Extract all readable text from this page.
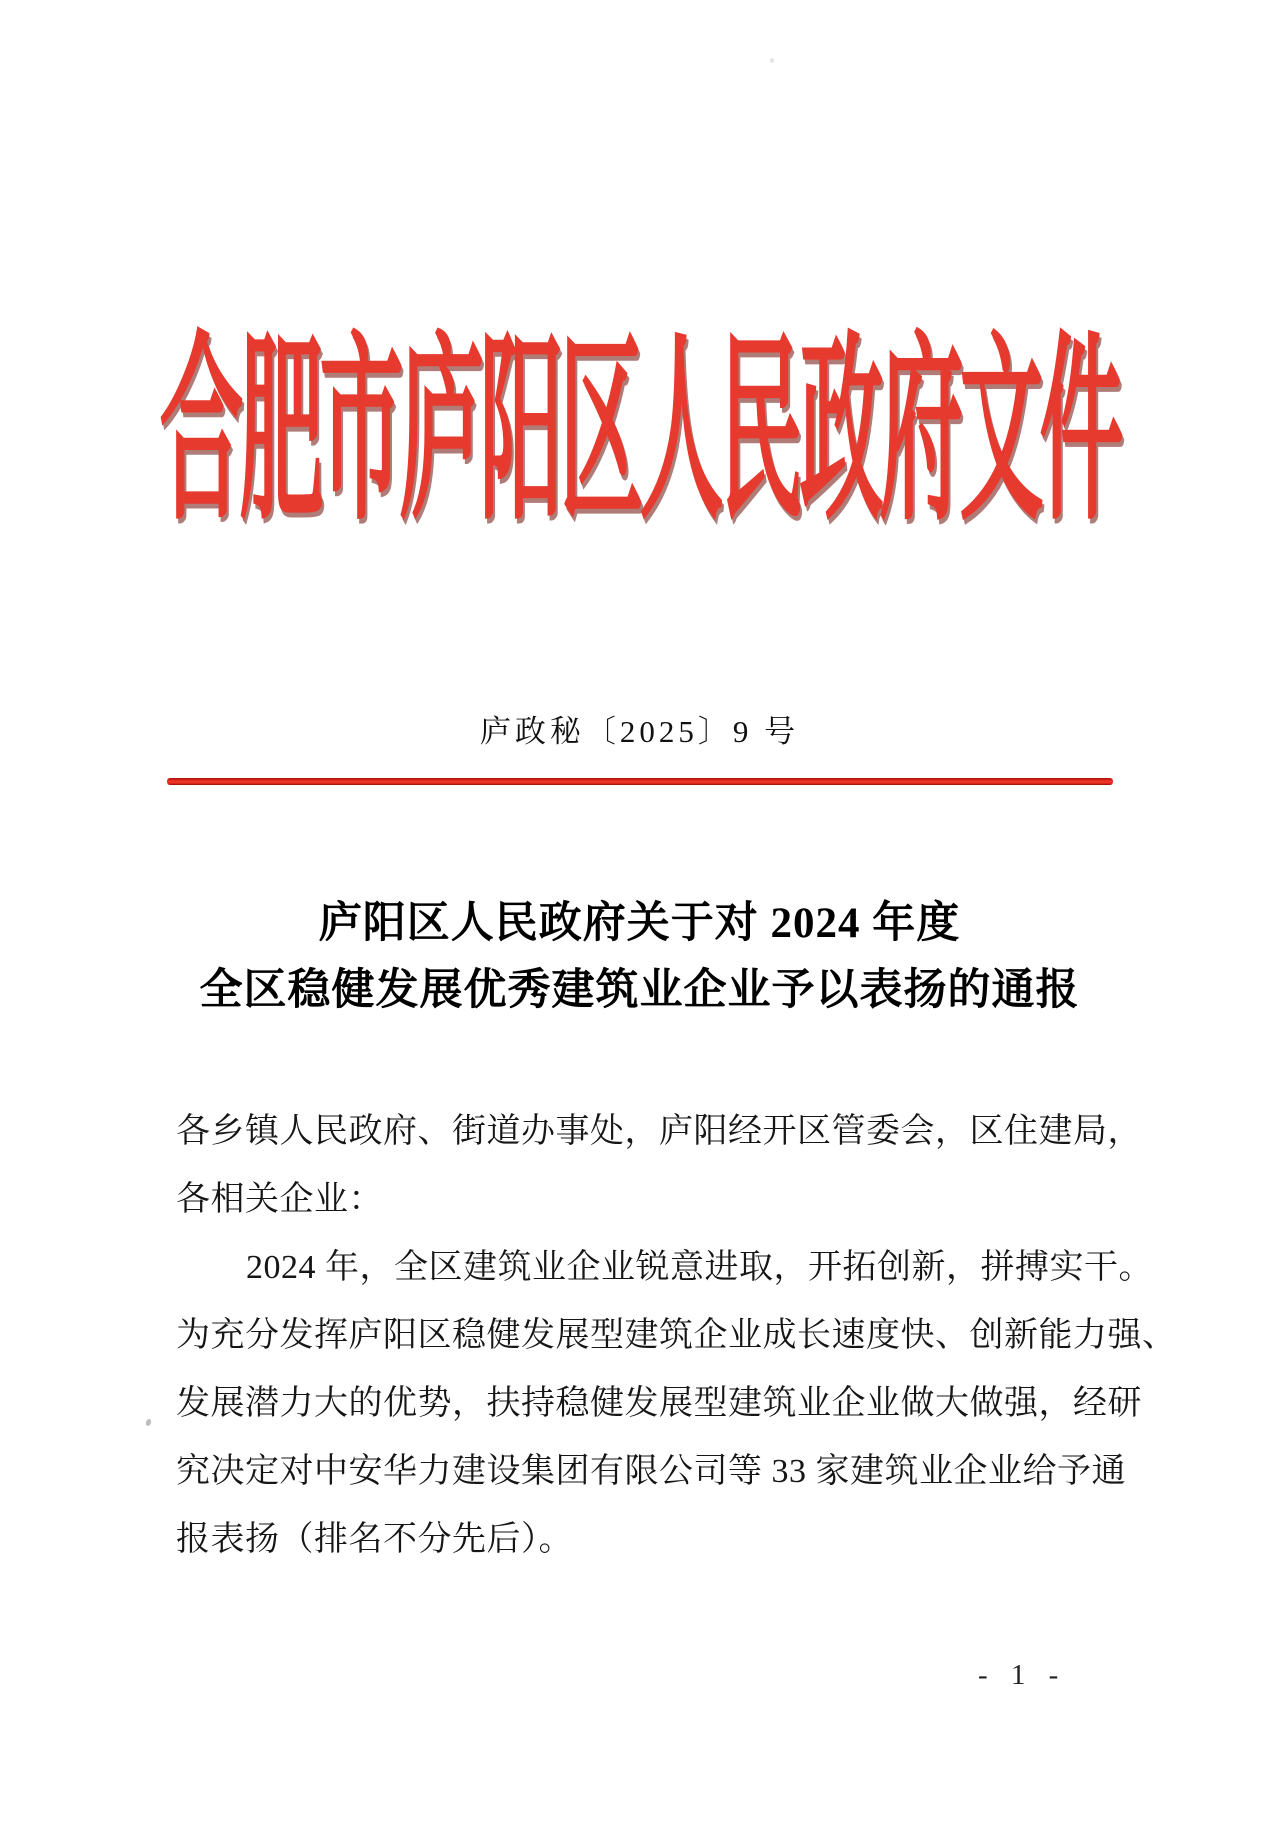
合肥市庐阳区人民政府文件
庐政秘〔2025〕9 号
庐阳区人民政府关于对 2024 年度
全区稳健发展优秀建筑业企业予以表扬的通报
各乡镇人民政府、街道办事处，庐阳经开区管委会，区住建局，
各相关企业：
2024 年，全区建筑业企业锐意进取，开拓创新，拼搏实干。
为充分发挥庐阳区稳健发展型建筑企业成长速度快、创新能力强、
发展潜力大的优势，扶持稳健发展型建筑业企业做大做强，经研
究决定对中安华力建设集团有限公司等 33 家建筑业企业给予通
报表扬（排名不分先后）。
- 1 -
